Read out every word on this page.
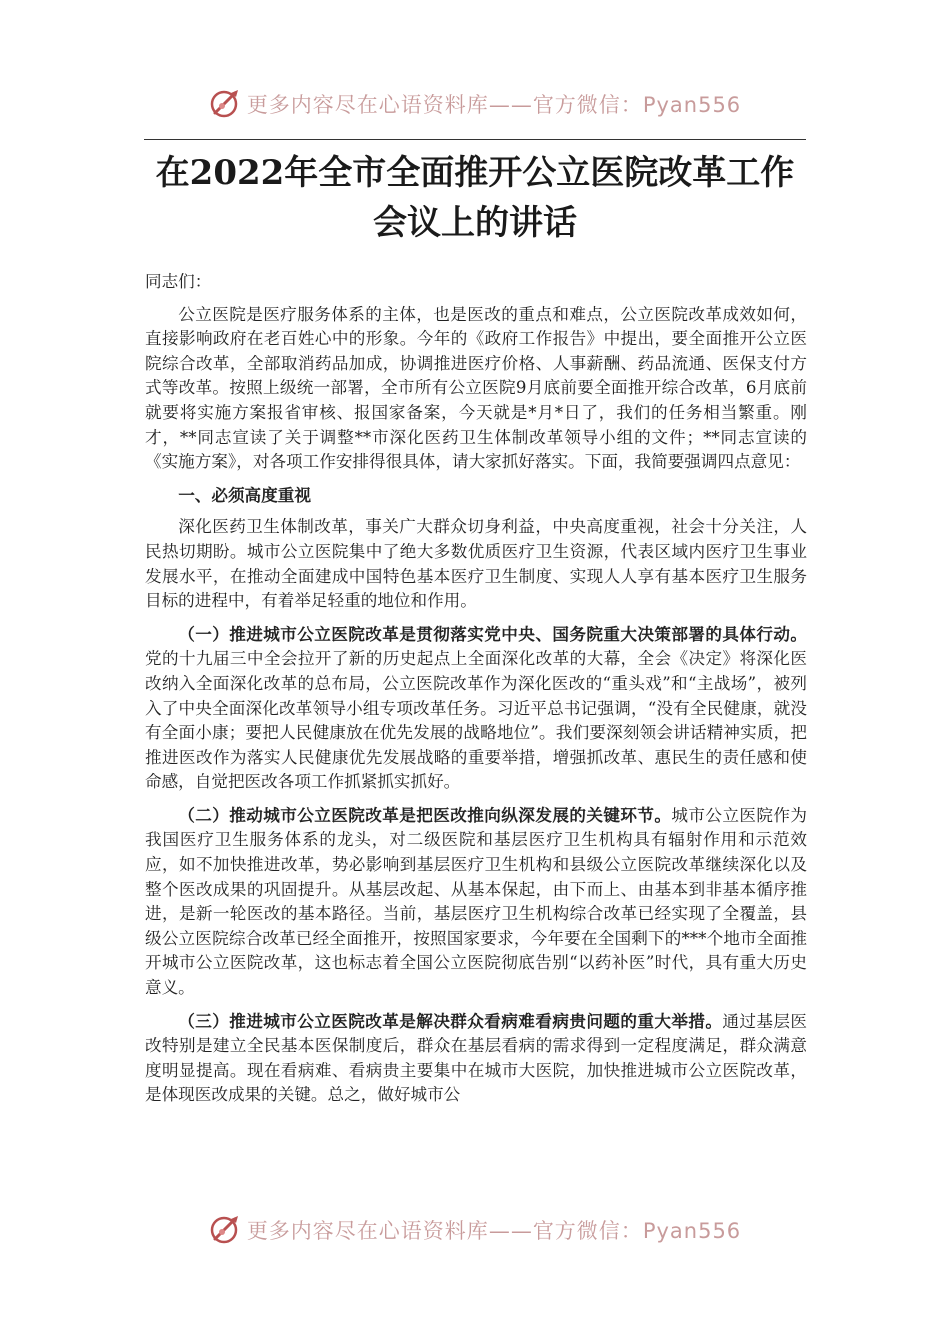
更多内容尽在心语资料库——官方微信：Pyan556
在2022年全市全面推开公立医院改革工作
会议上的讲话

同志们：

公立医院是医疗服务体系的主体，也是医改的重点和难点，公立医院改革成效如何，直接影响政府在老百姓心中的形象。今年的《政府工作报告》中提出，要全面推开公立医院综合改革，全部取消药品加成，协调推进医疗价格、人事薪酬、药品流通、医保支付方式等改革。按照上级统一部署，全市所有公立医院9月底前要全面推开综合改革，6月底前就要将实施方案报省审核、报国家备案，今天就是*月*日了，我们的任务相当繁重。刚才，**同志宣读了关于调整**市深化医药卫生体制改革领导小组的文件；**同志宣读的《实施方案》，对各项工作安排得很具体，请大家抓好落实。下面，我简要强调四点意见：

一、必须高度重视

深化医药卫生体制改革，事关广大群众切身利益，中央高度重视，社会十分关注，人民热切期盼。城市公立医院集中了绝大多数优质医疗卫生资源，代表区域内医疗卫生事业发展水平，在推动全面建成中国特色基本医疗卫生制度、实现人人享有基本医疗卫生服务目标的进程中，有着举足轻重的地位和作用。

（一）推进城市公立医院改革是贯彻落实党中央、国务院重大决策部署的具体行动。党的十九届三中全会拉开了新的历史起点上全面深化改革的大幕，全会《决定》将深化医改纳入全面深化改革的总布局，公立医院改革作为深化医改的“重头戏”和“主战场”，被列入了中央全面深化改革领导小组专项改革任务。习近平总书记强调，“没有全民健康，就没有全面小康；要把人民健康放在优先发展的战略地位”。我们要深刻领会讲话精神实质，把推进医改作为落实人民健康优先发展战略的重要举措，增强抓改革、惠民生的责任感和使命感，自觉把医改各项工作抓紧抓实抓好。

（二）推动城市公立医院改革是把医改推向纵深发展的关键环节。城市公立医院作为我国医疗卫生服务体系的龙头，对二级医院和基层医疗卫生机构具有辐射作用和示范效应，如不加快推进改革，势必影响到基层医疗卫生机构和县级公立医院改革继续深化以及整个医改成果的巩固提升。从基层改起、从基本保起，由下而上、由基本到非基本循序推进，是新一轮医改的基本路径。当前，基层医疗卫生机构综合改革已经实现了全覆盖，县级公立医院综合改革已经全面推开，按照国家要求，今年要在全国剩下的***个地市全面推开城市公立医院改革，这也标志着全国公立医院彻底告别“以药补医”时代，具有重大历史意义。

（三）推进城市公立医院改革是解决群众看病难看病贵问题的重大举措。通过基层医改特别是建立全民基本医保制度后，群众在基层看病的需求得到一定程度满足，群众满意度明显提高。现在看病难、看病贵主要集中在城市大医院，加快推进城市公立医院改革，是体现医改成果的关键。总之，做好城市公

更多内容尽在心语资料库——官方微信：Pyan556
